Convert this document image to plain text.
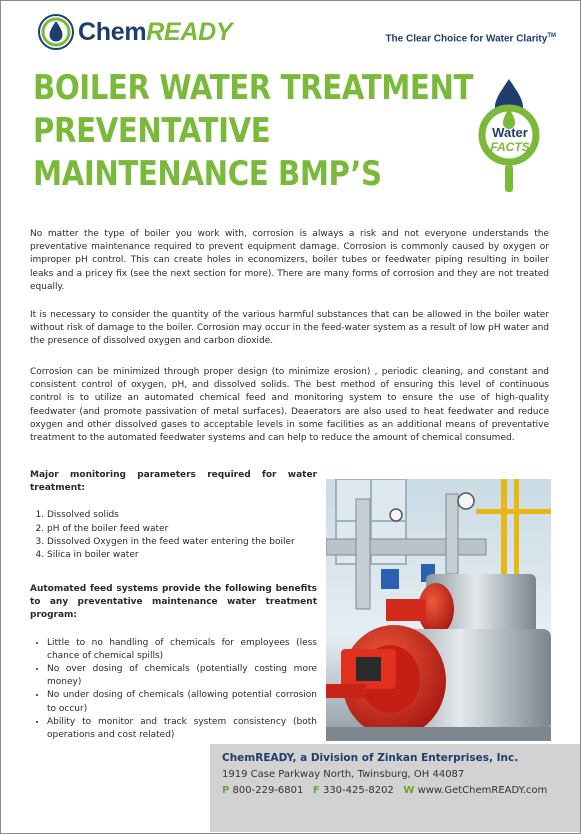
ChemREADY	The Clear Choice for Water Clarity™
BOILER WATER TREATMENT
PREVENTATIVE
MAINTENANCE BMP’S
Water
FACTS

No matter the type of boiler you work with, corrosion is always a risk and not everyone understands the preventative maintenance required to prevent equipment damage. Corrosion is commonly caused by oxygen or improper pH control. This can create holes in economizers, boiler tubes or feedwater piping resulting in boiler leaks and a pricey fix (see the next section for more). There are many forms of corrosion and they are not treated equally.

It is necessary to consider the quantity of the various harmful substances that can be allowed in the boiler water without risk of damage to the boiler. Corrosion may occur in the feed-water system as a result of low pH water and the presence of dissolved oxygen and carbon dioxide.

Corrosion can be minimized through proper design (to minimize erosion) , periodic cleaning, and constant and consistent control of oxygen, pH, and dissolved solids. The best method of ensuring this level of continuous control is to utilize an automated chemical feed and monitoring system to ensure the use of high-quality feedwater (and promote passivation of metal surfaces). Deaerators are also used to heat feedwater and reduce oxygen and other dissolved gases to acceptable levels in some facilities as an additional means of preventative treatment to the automated feedwater systems and can help to reduce the amount of chemical consumed.

Major monitoring parameters required for water treatment:

1. Dissolved solids
2. pH of the boiler feed water
3. Dissolved Oxygen in the feed water entering the boiler
4. Silica in boiler water

Automated feed systems provide the following benefits to any preventative maintenance water treatment program:

• Little to no handling of chemicals for employees (less chance of chemical spills)
• No over dosing of chemicals (potentially costing more money)
• No under dosing of chemicals (allowing potential corrosion to occur)
• Ability to monitor and track system consistency (both operations and cost related)
ChemREADY, a Division of Zinkan Enterprises, Inc.
1919 Case Parkway North, Twinsburg, OH 44087
P 800-229-6801 F 330-425-8202 W www.GetChemREADY.com
